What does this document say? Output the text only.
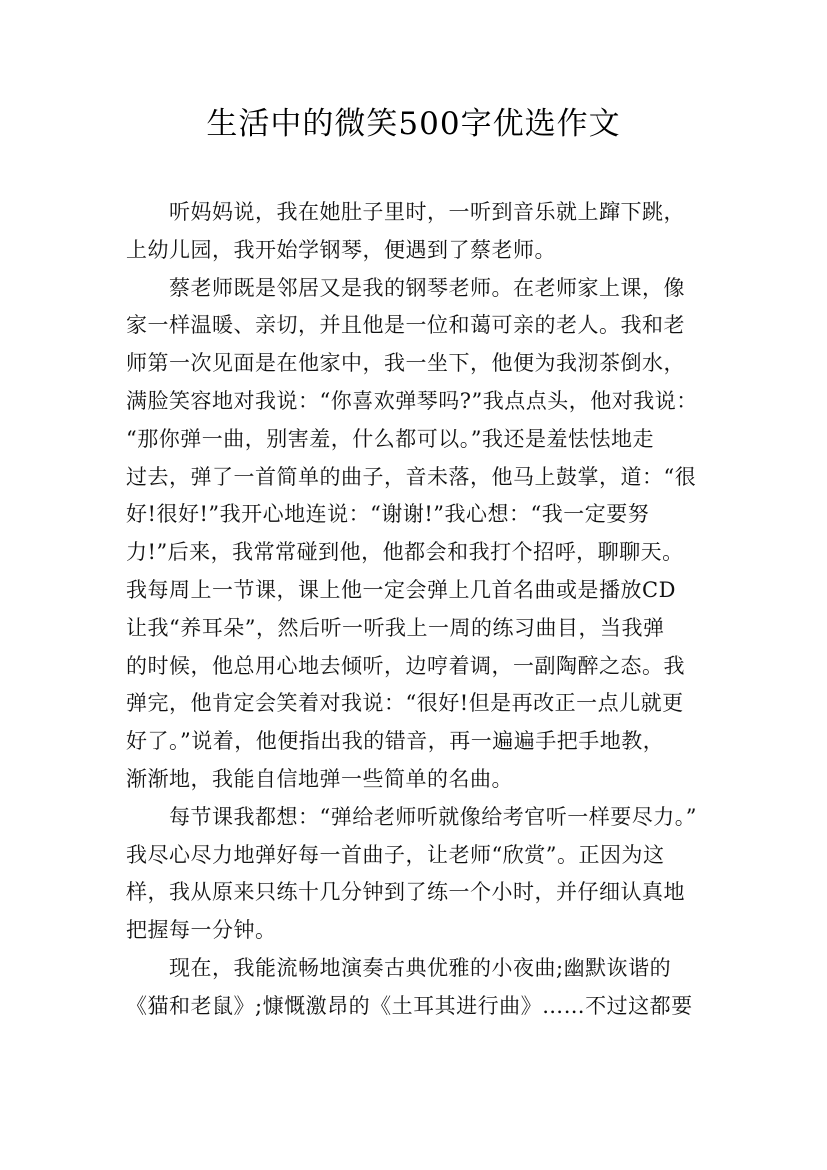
生活中的微笑500字优选作文
　　听妈妈说，我在她肚子里时，一听到音乐就上蹿下跳，
上幼儿园，我开始学钢琴，便遇到了蔡老师。
　　蔡老师既是邻居又是我的钢琴老师。在老师家上课，像
家一样温暖、亲切，并且他是一位和蔼可亲的老人。我和老
师第一次见面是在他家中，我一坐下，他便为我沏茶倒水，
满脸笑容地对我说：“你喜欢弹琴吗?”我点点头，他对我说：
“那你弹一曲，别害羞，什么都可以。”我还是羞怯怯地走
过去，弹了一首简单的曲子，音未落，他马上鼓掌，道：“很
好!很好!”我开心地连说：“谢谢!”我心想：“我一定要努
力!”后来，我常常碰到他，他都会和我打个招呼，聊聊天。
我每周上一节课，课上他一定会弹上几首名曲或是播放CD
让我“养耳朵”，然后听一听我上一周的练习曲目，当我弹
的时候，他总用心地去倾听，边哼着调，一副陶醉之态。我
弹完，他肯定会笑着对我说：“很好!但是再改正一点儿就更
好了。”说着，他便指出我的错音，再一遍遍手把手地教，
渐渐地，我能自信地弹一些简单的名曲。
　　每节课我都想：“弹给老师听就像给考官听一样要尽力。”
我尽心尽力地弹好每一首曲子，让老师“欣赏”。正因为这
样，我从原来只练十几分钟到了练一个小时，并仔细认真地
把握每一分钟。
　　现在，我能流畅地演奏古典优雅的小夜曲;幽默诙谐的
《猫和老鼠》;慷慨激昂的《土耳其进行曲》……不过这都要
